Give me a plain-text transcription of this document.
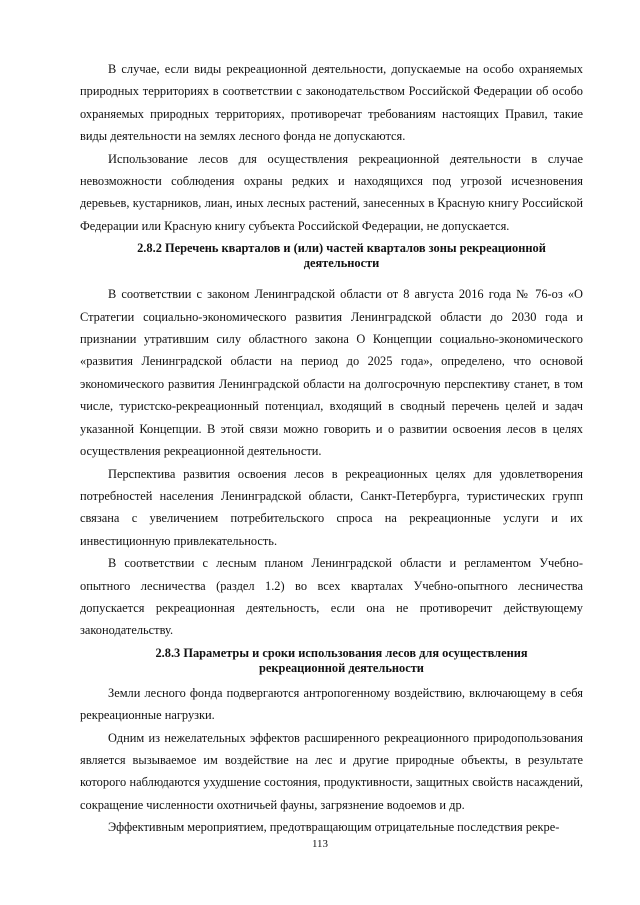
В случае, если виды рекреационной деятельности, допускаемые на особо охраняемых природных территориях в соответствии с законодательством Российской Федерации об особо охраняемых природных территориях, противоречат требованиям настоящих Правил, такие виды деятельности на землях лесного фонда не допускаются.

Использование лесов для осуществления рекреационной деятельности в случае невозможности соблюдения охраны редких и находящихся под угрозой исчезновения деревьев, кустарников, лиан, иных лесных растений, занесенных в Красную книгу Российской Федерации или Красную книгу субъекта Российской Федерации, не допускается.

2.8.2 Перечень кварталов и (или) частей кварталов зоны рекреационной деятельности

В соответствии с законом Ленинградской области от 8 августа 2016 года № 76-оз «О Стратегии социально-экономического развития Ленинградской области до 2030 года и признании утратившим силу областного закона О Концепции социально-экономического «развития Ленинградской области на период до 2025 года», определено, что основой экономического развития Ленинградской области на долгосрочную перспективу станет, в том числе, туристско-рекреационный потенциал, входящий в сводный перечень целей и задач указанной Концепции. В этой связи можно говорить и о развитии освоения лесов в целях осуществления рекреационной деятельности.

Перспектива развития освоения лесов в рекреационных целях для удовлетворения потребностей населения Ленинградской области, Санкт-Петербурга, туристических групп связана с увеличением потребительского спроса на рекреационные услуги и их инвестиционную привлекательность.

В соответствии с лесным планом Ленинградской области и регламентом Учебно-опытного лесничества (раздел 1.2) во всех кварталах Учебно-опытного лесничества допускается рекреационная деятельность, если она не противоречит действующему законодательству.

2.8.3 Параметры и сроки использования лесов для осуществления рекреационной деятельности

Земли лесного фонда подвергаются антропогенному воздействию, включающему в себя рекреационные нагрузки.

Одним из нежелательных эффектов расширенного рекреационного природопользования является вызываемое им воздействие на лес и другие природные объекты, в результате которого наблюдаются ухудшение состояния, продуктивности, защитных свойств насаждений, сокращение численности охотничьей фауны, загрязнение водоемов и др.

Эффективным мероприятием, предотвращающим отрицательные последствия рекре-

113
